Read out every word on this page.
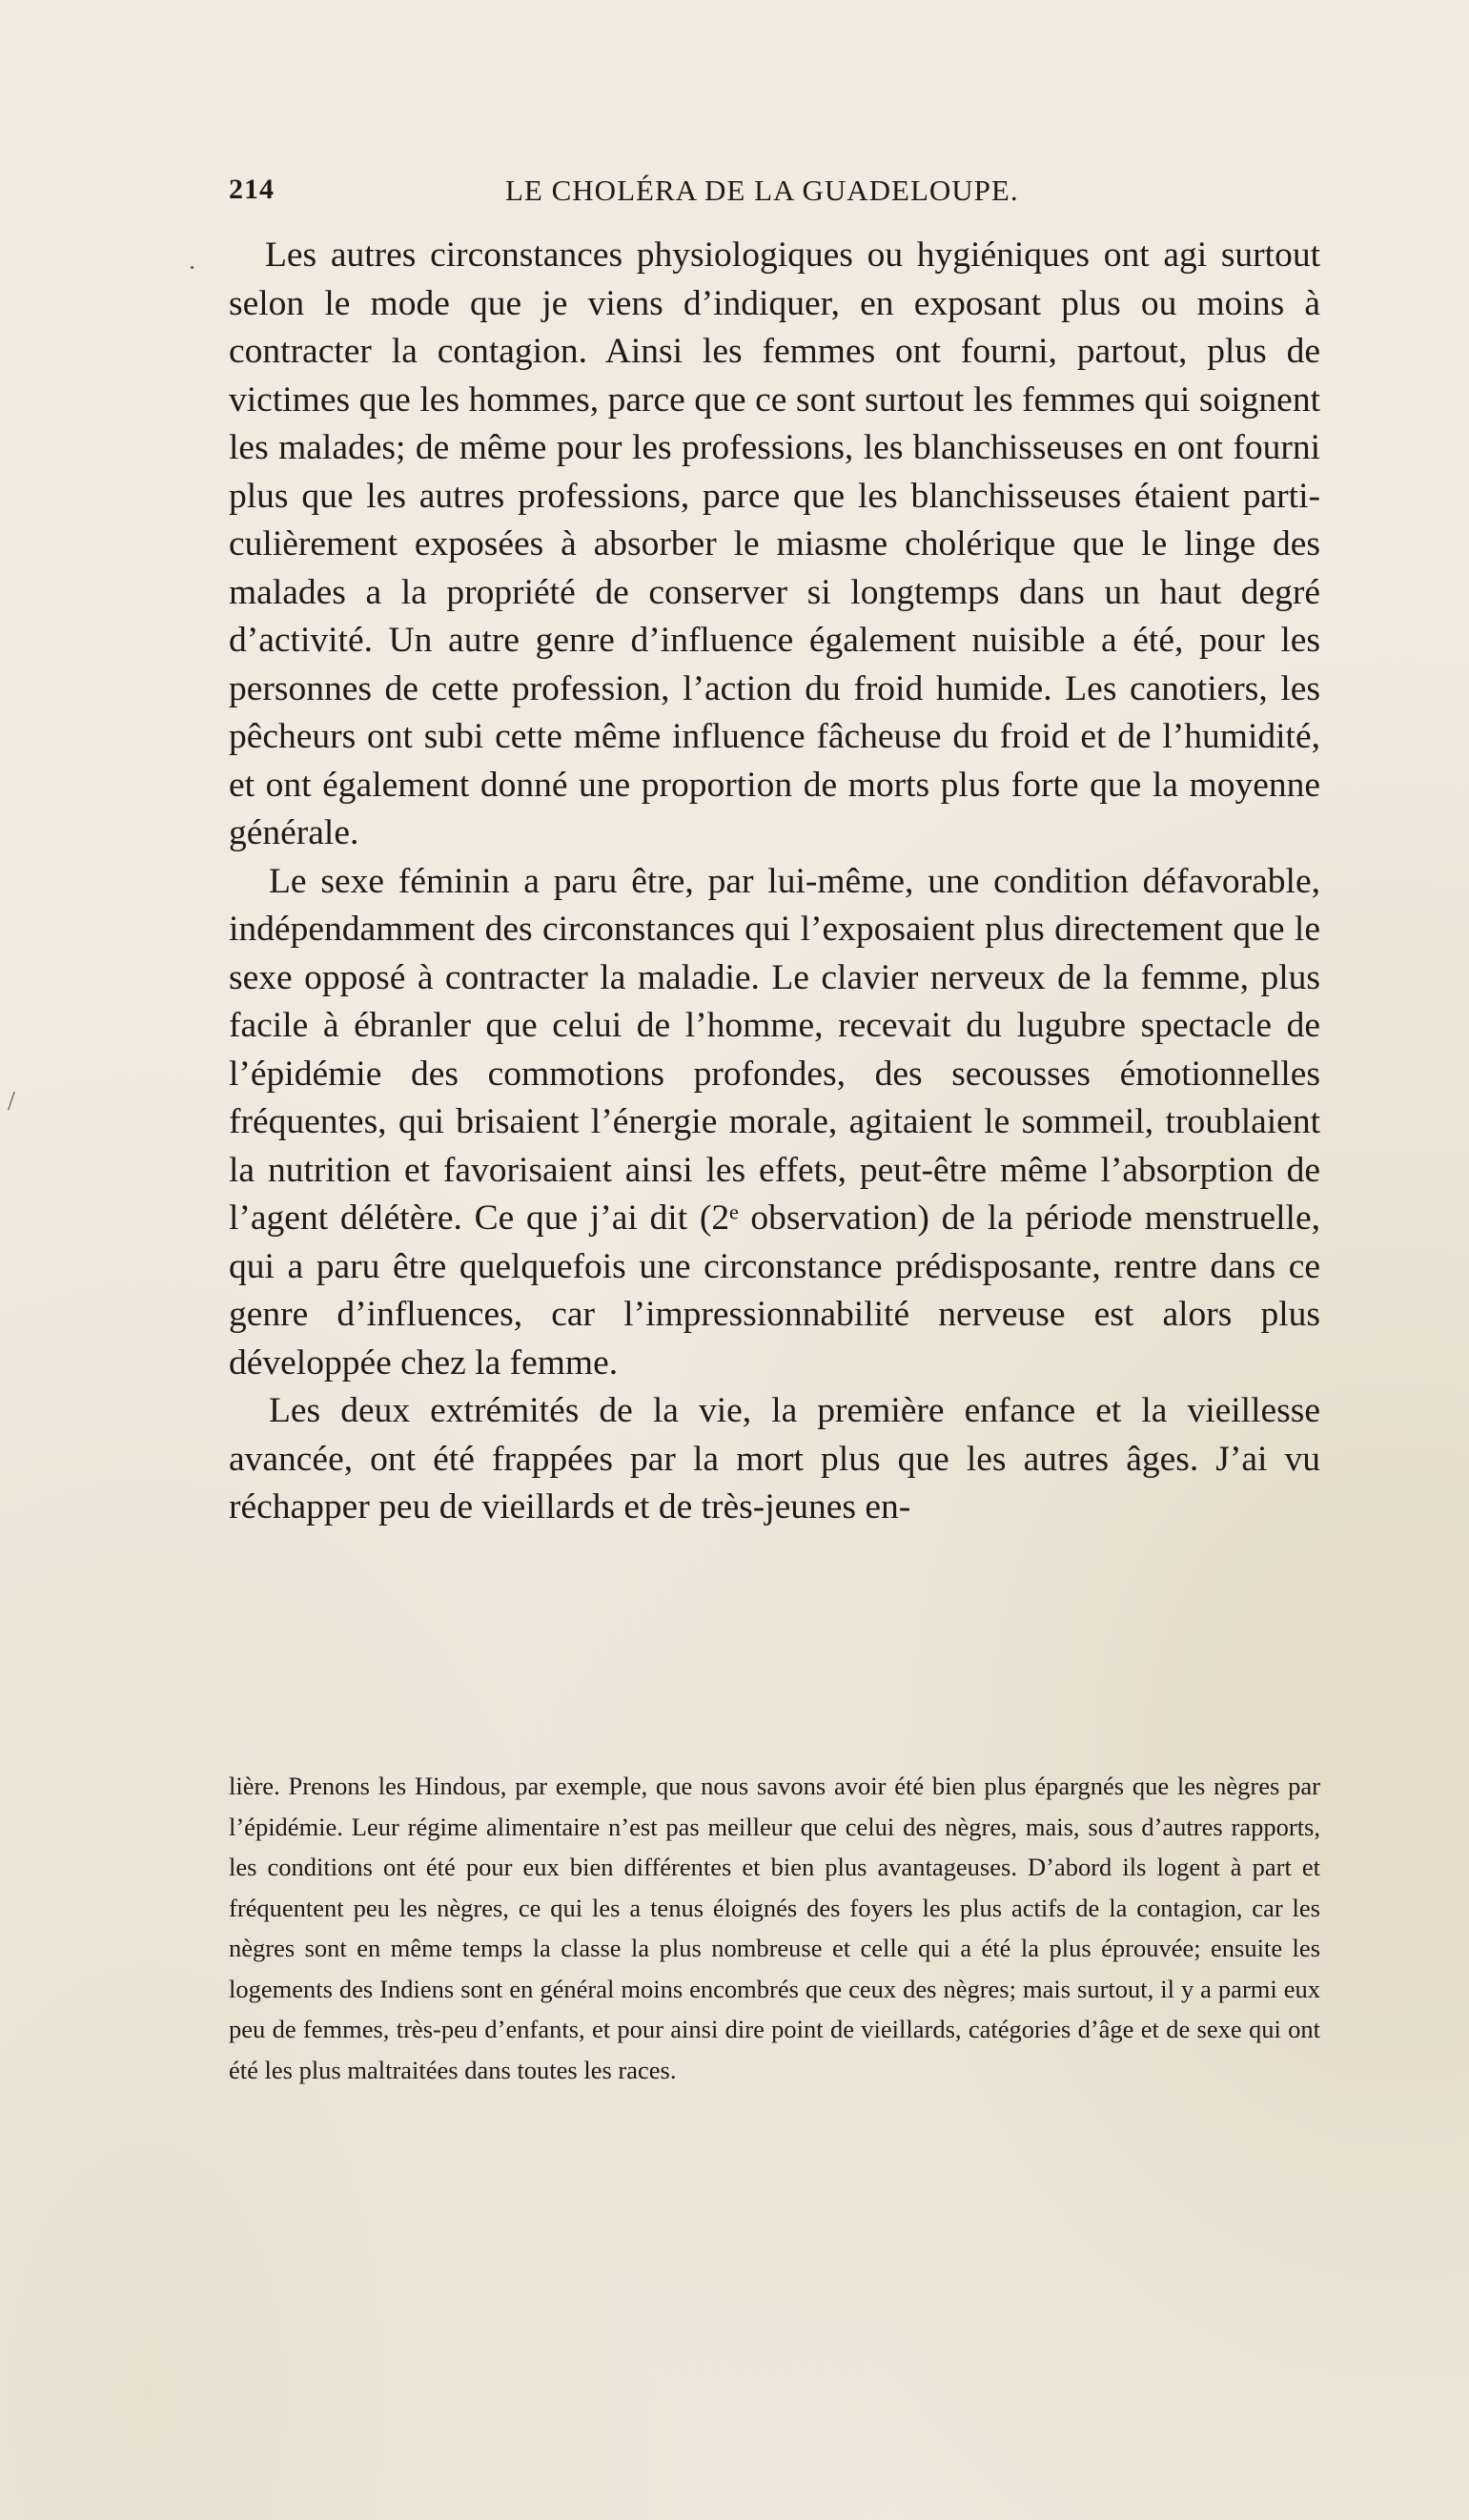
214	LE CHOLÉRA DE LA GUADELOUPE.

Les autres circonstances physiologiques ou hygiéniques ont agi surtout selon le mode que je viens d’indiquer, en exposant plus ou moins à contracter la contagion. Ainsi les femmes ont fourni, partout, plus de victimes que les hommes, parce que ce sont surtout les femmes qui soignent les malades; de même pour les professions, les blanchisseuses en ont fourni plus que les autres professions, parce que les blanchisseuses étaient particulièrement exposées à absorber le miasme cholérique que le linge des malades a la propriété de conserver si longtemps dans un haut degré d’activité. Un autre genre d’influence également nuisible a été, pour les personnes de cette profession, l’action du froid humide. Les canotiers, les pêcheurs ont subi cette même influence fâcheuse du froid et de l’humidité, et ont également donné une proportion de morts plus forte que la moyenne générale.

Le sexe féminin a paru être, par lui-même, une condition défavorable, indépendamment des circonstances qui l’exposaient plus directement que le sexe opposé à contracter la maladie. Le clavier nerveux de la femme, plus facile à ébranler que celui de l’homme, recevait du lugubre spectacle de l’épidémie des commotions profondes, des secousses émotionnelles fréquentes, qui brisaient l’énergie morale, agitaient le sommeil, troublaient la nutrition et favorisaient ainsi les effets, peut-être même l’absorption de l’agent délétère. Ce que j’ai dit (2ᵉ observation) de la période menstruelle, qui a paru être quelquefois une circonstance prédisposante, rentre dans ce genre d’influences, car l’impressionnabilité nerveuse est alors plus développée chez la femme.

Les deux extrémités de la vie, la première enfance et la vieillesse avancée, ont été frappées par la mort plus que les autres âges. J’ai vu réchapper peu de vieillards et de très-jeunes en-

lière. Prenons les Hindous, par exemple, que nous savons avoir été bien plus épargnés que les nègres par l’épidémie. Leur régime alimentaire n’est pas meilleur que celui des nègres, mais, sous d’autres rapports, les conditions ont été pour eux bien différentes et bien plus avantageuses. D’abord ils logent à part et fréquentent peu les nègres, ce qui les a tenus éloignés des foyers les plus actifs de la contagion, car les nègres sont en même temps la classe la plus nombreuse et celle qui a été la plus éprouvée; ensuite les logements des Indiens sont en général moins encombrés que ceux des nègres; mais surtout, il y a parmi eux peu de femmes, très-peu d’enfants, et pour ainsi dire point de vieillards, catégories d’âge et de sexe qui ont été les plus maltraitées dans toutes les races.

.
/
